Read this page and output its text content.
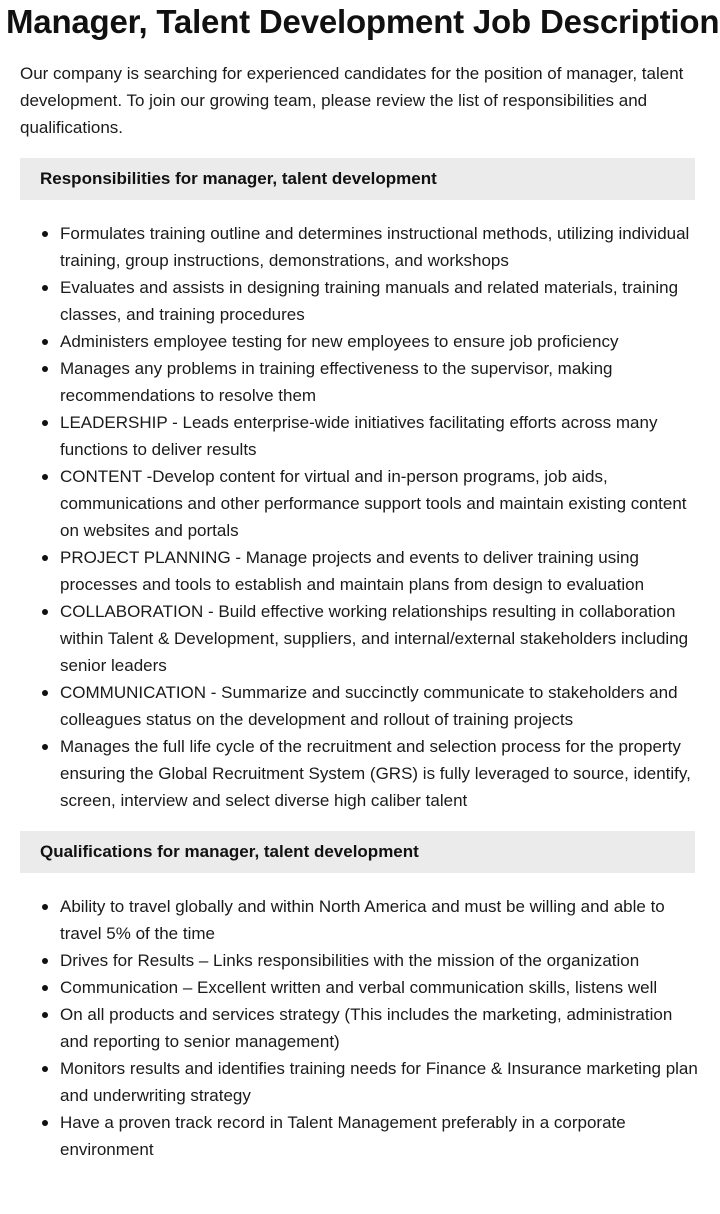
Manager, Talent Development Job Description

Our company is searching for experienced candidates for the position of manager, talent development. To join our growing team, please review the list of responsibilities and qualifications.

Responsibilities for manager, talent development
Formulates training outline and determines instructional methods, utilizing individual training, group instructions, demonstrations, and workshops
Evaluates and assists in designing training manuals and related materials, training classes, and training procedures
Administers employee testing for new employees to ensure job proficiency
Manages any problems in training effectiveness to the supervisor, making recommendations to resolve them
LEADERSHIP - Leads enterprise-wide initiatives facilitating efforts across many functions to deliver results
CONTENT -Develop content for virtual and in-person programs, job aids, communications and other performance support tools and maintain existing content on websites and portals
PROJECT PLANNING - Manage projects and events to deliver training using processes and tools to establish and maintain plans from design to evaluation
COLLABORATION - Build effective working relationships resulting in collaboration within Talent & Development, suppliers, and internal/external stakeholders including senior leaders
COMMUNICATION - Summarize and succinctly communicate to stakeholders and colleagues status on the development and rollout of training projects
Manages the full life cycle of the recruitment and selection process for the property ensuring the Global Recruitment System (GRS) is fully leveraged to source, identify, screen, interview and select diverse high caliber talent
Qualifications for manager, talent development
Ability to travel globally and within North America and must be willing and able to travel 5% of the time
Drives for Results – Links responsibilities with the mission of the organization
Communication – Excellent written and verbal communication skills, listens well
On all products and services strategy (This includes the marketing, administration and reporting to senior management)
Monitors results and identifies training needs for Finance & Insurance marketing plan and underwriting strategy
Have a proven track record in Talent Management preferably in a corporate environment
